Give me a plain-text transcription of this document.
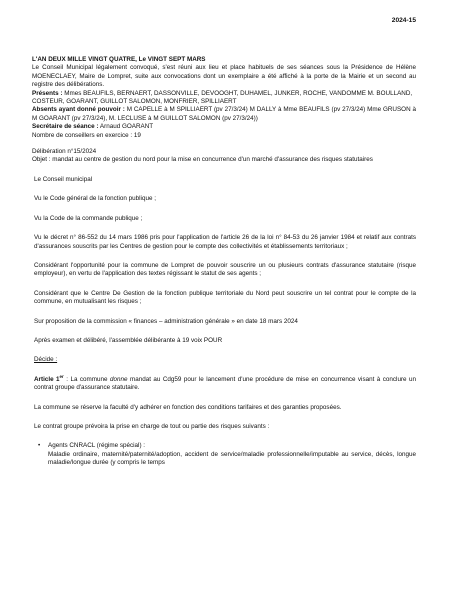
2024-15

L'AN DEUX MILLE VINGT QUATRE, Le VINGT SEPT MARS

Le Conseil Municipal légalement convoqué, s'est réuni aux lieu et place habituels de ses séances sous la Présidence de Hélène MOENECLAEY, Maire de Lompret, suite aux convocations dont un exemplaire a été affiché à la porte de la Mairie et un second au registre des délibérations.

Présents : Mmes BEAUFILS, BERNAERT, DASSONVILLE, DEVOOGHT, DUHAMEL, JUNKER, ROCHE, VANDOMME M. BOULLAND, COSTEUR, GOARANT, GUILLOT SALOMON, MONFRIER, SPILLIAERT

Absents ayant donné pouvoir : M CAPELLE à M SPILLIAERT (pv 27/3/24) M DALLY à Mme BEAUFILS (pv 27/3/24) Mme GRUSON à M GOARANT (pv 27/3/24), M. LECLUSE à M GUILLOT SALOMON (pv 27/3/24))

Secrétaire de séance : Arnaud GOARANT

Nombre de conseillers en exercice : 19

Délibération n°15/2024

Objet : mandat au centre de gestion du nord pour la mise en concurrence d'un marché d'assurance des risques statutaires

Le Conseil municipal

Vu le Code général de la fonction publique ;

Vu la Code de la commande publique ;

Vu le décret n° 86-552 du 14 mars 1986 pris pour l'application de l'article 26 de la loi n° 84-53 du 26 janvier 1984 et relatif aux contrats d'assurances souscrits par les Centres de gestion pour le compte des collectivités et établissements territoriaux ;

Considérant l'opportunité pour la commune de Lompret de pouvoir souscrire un ou plusieurs contrats d'assurance statutaire (risque employeur), en vertu de l'application des textes régissant le statut de ses agents ;

Considérant que le Centre De Gestion de la fonction publique territoriale du Nord peut souscrire un tel contrat pour le compte de la commune, en mutualisant les risques ;

Sur proposition de la commission « finances – administration générale » en date 18 mars 2024

Après examen et délibéré, l'assemblée délibérante à 19 voix POUR

Décide :

Article 1er : La commune donne mandat au Cdg59 pour le lancement d'une procédure de mise en concurrence visant à conclure un contrat groupe d'assurance statutaire.

La commune se réserve la faculté d'y adhérer en fonction des conditions tarifaires et des garanties proposées.

Le contrat groupe prévoira la prise en charge de tout ou partie des risques suivants :

• Agents CNRACL (régime spécial) :
Maladie ordinaire, maternité/paternité/adoption, accident de service/maladie professionnelle/imputable au service, décès, longue maladie/longue durée (y compris le temps
